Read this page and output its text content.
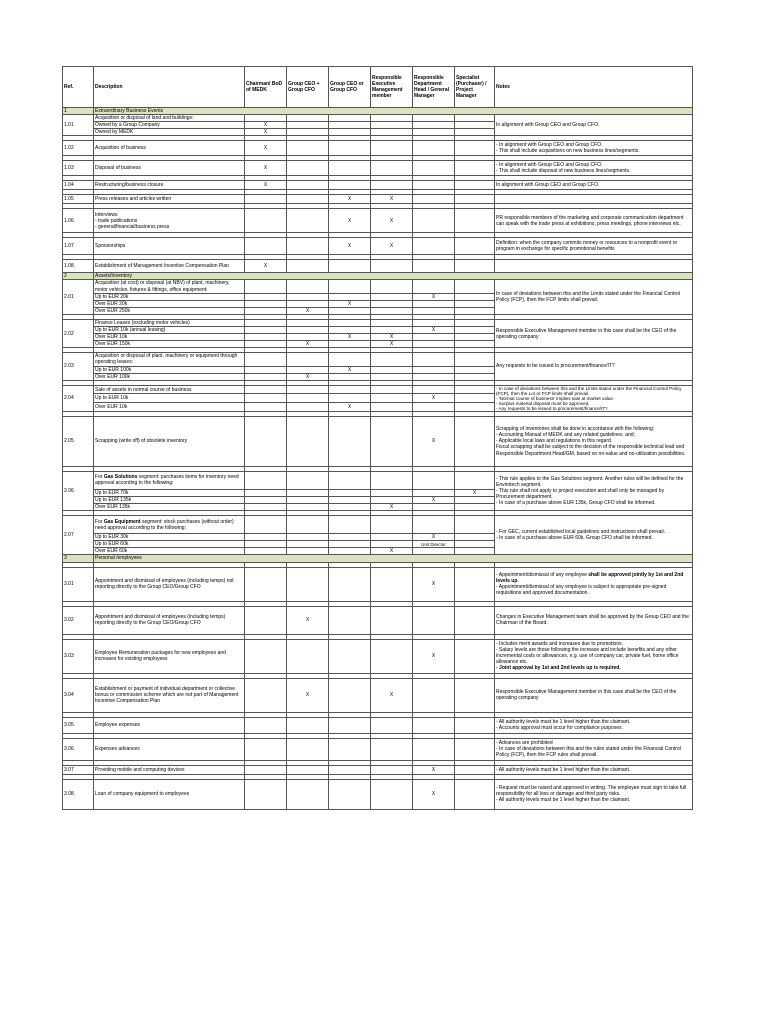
Ref.	Description	Chairman/ BoD of MEDK	Group CEO + Group CFO	Group CEO or Group CFO	Responsible Executive Management member	Responsible Department Head / General Manager	Specialist (Purchaser) / Project Manager	Notes
1	Extraordinary Business Events							
1.01	Acquisition or disposal of land and buildings:							In alignment with Group CEO and Group CFO.
	Owned by a Group Company	X						
	Owned by MEDK	X						

1.02	Acquisition of business	X						- In alignment with Group CEO and Group CFO.
- This shall include acquisitions on new business lines/segments.

1.03	Disposal of business	X						- In alignment with Group CEO and Group CFO.
- This shall include disposal of new business lines/segments.

1.04	Restructuring/business closure	X						In alignment with Group CEO and Group CFO.

1.05	Press releases and articles written			X	X			

1.06	Interviews
- trade publications
- general/financial/business press			X	X			PR responsible members of the marketing and corporate communication department can speak with the trade press at exhibitions, press meetings, phone interviews etc.

1.07	Sponsorships			X	X			Definition: when the company commits money or resources to a nonprofit event or program in exchange for specific promotional benefits

1.08	Establishment of Management Incentive Compensation Plan	X						
2	Assets/Inventory							
2.01	Acquisition (at cost) or disposal (at NBV) of plant, machinery, motor vehicles, fixtures & fittings, office equipment:							In case of deviations between this and the Limits stated under the Financial Control Policy (FCP), then the FCP limits shall prevail.
	Up to EUR 20k					X		
	Over EUR 20k			X				
	Over EUR 250k		X					

2.02	Finance Leases (excluding motor vehicles)							Responsible Executive Management member in this case shall be the CEO of the operating company
	Up to EUR 10k (annual leasing)					X		
	Over EUR 10k			X	X			
	Over EUR 150k		X		X			

2.03	Acquisition or disposal of plant, machinery or equipment through operating leases:							Any requests to be issued to procurement/finance/IT?
	Up to EUR 100k			X				
	Over EUR 100k		X					

2.04	Sale of assets in normal course of business							- In case of deviations between this and the Limits stated under the Financial Control Policy (FCP), then the LoI or FCP limits shall prevail.
- 'Normal course of business' implies sale at market value.
- Surplus material disposal must be approved.
- Any requests to be issued to procurement/finance/IT?
	Up to EUR 10k					X		
	Over EUR 10k			X				

2.05	Scrapping (write off) of obsolete inventory					X		Scrapping of inventories shall be done in accordance with the following:
- Accounting Manual of MEDK and any related guidelines. and;
- Applicable local laws and regulations in this regard.
Fiscal scrapping shall be subject to the decision of the responsible technical lead and Responsible Department Head/GM, based on no-value and no-utilization possibilities.

2.06	For Gas Solutions segment: purchases items for inventory need approval according to the following:							- This rule applies to the Gas Solutions segment. Another rules will be defined for the Envirotech segment.
- This rule shall not apply to project execution and shall only be managed by Procurement department.
- In case of a purchase above EUR 135k, Group CFO shall be informed.
	Up to EUR 70k						X	
	Up to EUR 135k					X		
	Over EUR 135k				X			

2.07	For Gas Equipment segment: stock purchases (without order) need approval according to the following:							- For GEC, current established local guidelines and instructions shall prevail.
- In case of a purchase above EUR 60k, Group CFO shall be informed.
	Up to EUR 30k					X		
	Up to EUR 60k					Unit Director		
	Over EUR 60k				X			
3	Personal /employees							

3.01	Appointment and dismissal of employees (including temps) not reporting directly to the Group CEO/Group CFO					X		- Appointment/dismissal of any employee shall be approved jointly by 1st and 2nd levels up.
- Appointment/dismissal of any employee is subject to appropriate pre-signed requisitions and approved documentation.

3.02	Appointment and dismissal of employees (including temps) reporting directly to the Group CEO/Group CFO		X					Changes in Executive Management team shall be approved by the Group CEO and the Chairman of the Board.

3.03	Employee Remuneration packages for new employees and increases for existing employees					X		- Includes merit awards and increases due to promotions.
- Salary levels are those following the increase and include benefits and any other incremental costs or allowances, e.g. use of company car, private fuel, home office allowance etc.
- Joint approval by 1st and 2nd levels up is required.

3.04	Establishment or payment of individual department or collective bonus or commission scheme which are not part of Management Incentive Compensation Plan		X		X			Responsible Executive Management member in this case shall be the CEO of the operating company

3.05	Employee expenses							- All authority levels must be 1 level higher than the claimant.
- Accounts approval must occur for compliance purposes.

3.06	Expenses advances							- Advances are prohibited
- In case of deviations between this and the rules stated under the Financial Control Policy (FCP), then the FCP rules shall prevail.

3.07	Providing mobile and computing devices					X		- All authority levels must be 1 level higher than the claimant.

3.08	Loan of company equipment to employees					X		- Request must be raised and approved in writing. The employee must sign to take full responsibility for all loss or damage and third party risks.
- All authority levels must be 1 level higher than the claimant.
